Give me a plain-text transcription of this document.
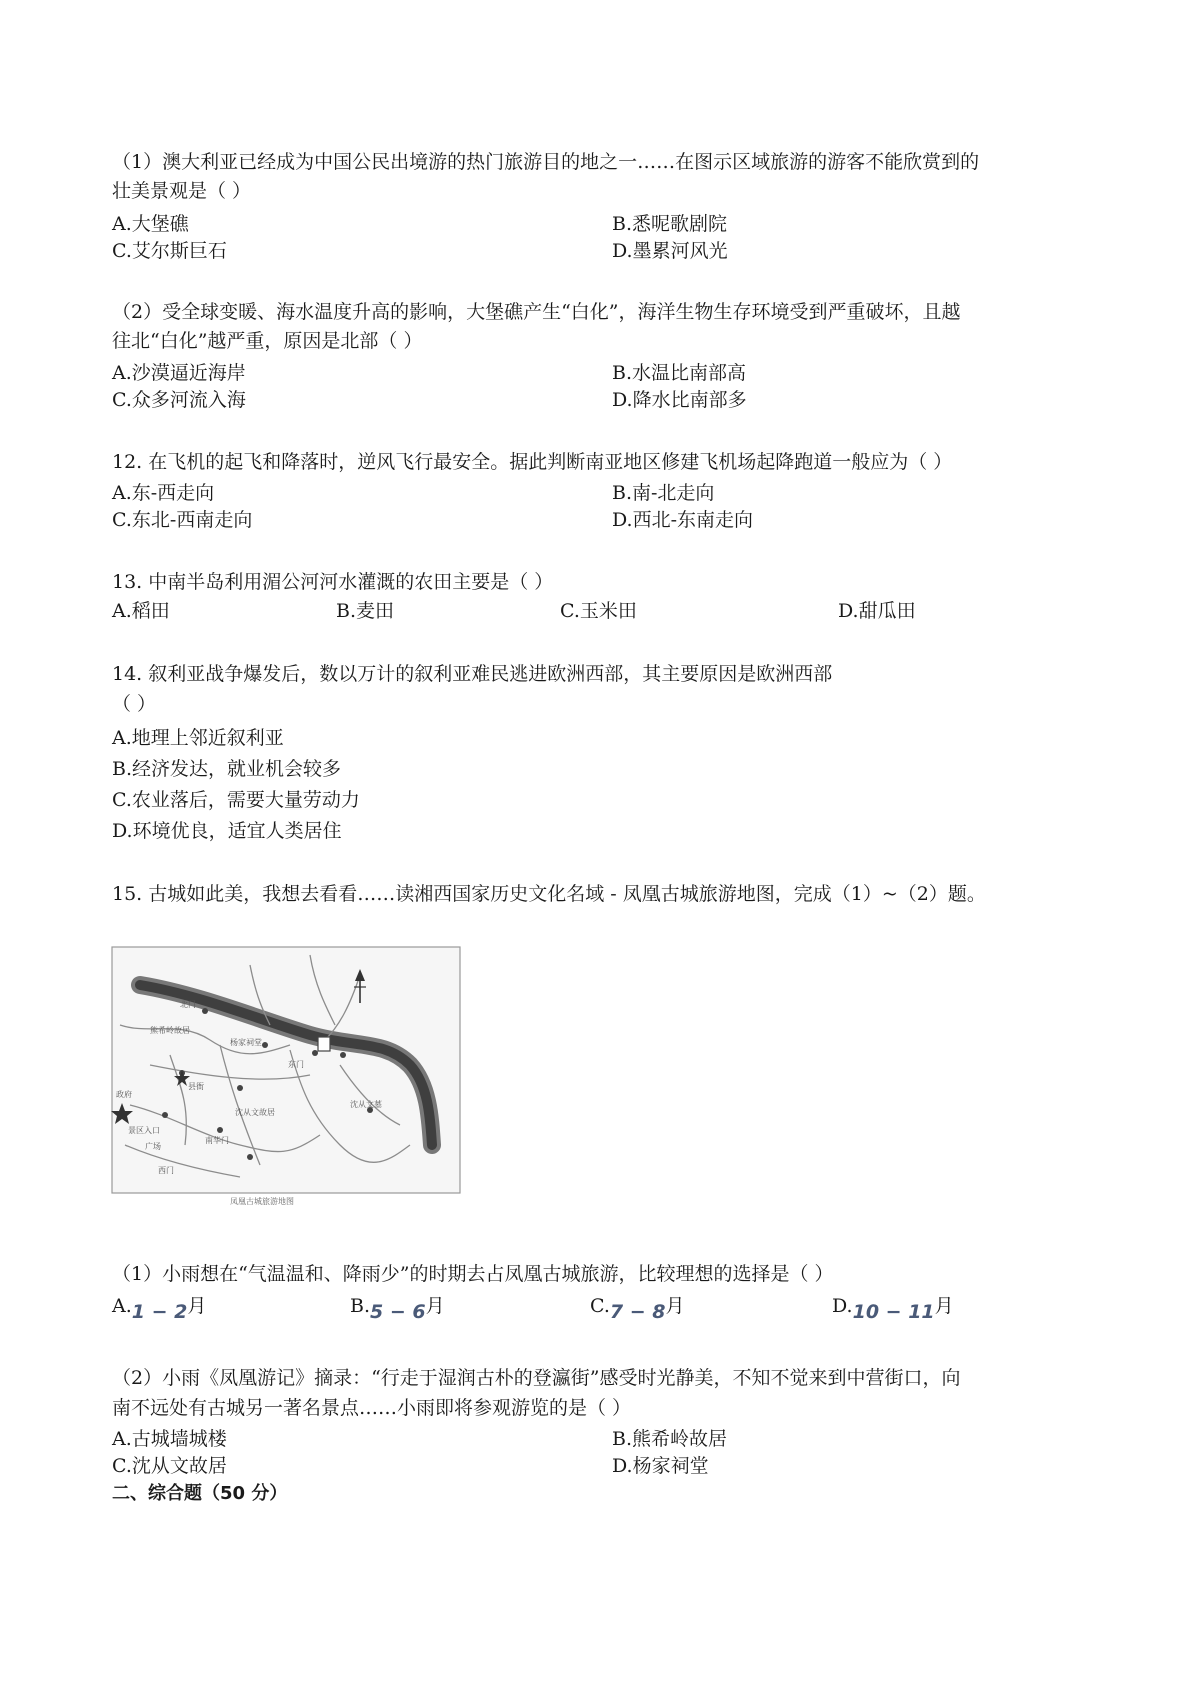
（1）澳大利亚已经成为中国公民出境游的热门旅游目的地之一……在图示区域旅游的游客不能欣赏到的
壮美景观是（ ）
A.大堡礁	B.悉呢歌剧院
C.艾尔斯巨石	D.墨累河风光
（2）受全球变暖、海水温度升高的影响，大堡礁产生“白化”，海洋生物生存环境受到严重破坏，且越
往北“白化”越严重，原因是北部（ ）
A.沙漠逼近海岸	B.水温比南部高
C.众多河流入海	D.降水比南部多
12. 在飞机的起飞和降落时，逆风飞行最安全。据此判断南亚地区修建飞机场起降跑道一般应为（ ）
A.东-西走向	B.南-北走向
C.东北-西南走向	D.西北-东南走向
13. 中南半岛利用湄公河河水灌溉的农田主要是（ ）
A.稻田	B.麦田	C.玉米田	D.甜瓜田
14. 叙利亚战争爆发后，数以万计的叙利亚难民逃进欧洲西部，其主要原因是欧洲西部
（ ）
A.地理上邻近叙利亚
B.经济发达，就业机会较多
C.农业落后，需要大量劳动力
D.环境优良，适宜人类居住
15. 古城如此美，我想去看看……读湘西国家历史文化名域 - 凤凰古城旅游地图，完成（1）~（2）题。
杨家祠堂
东门
北门
沈从文故居
县衙
沈从文墓
景区入口
南华门
政府
广场
西门
熊希岭故居
凤凰古城旅游地图
（1）小雨想在“气温温和、降雨少”的时期去占凤凰古城旅游，比较理想的选择是（ ）
A.1 − 2月	B.5 − 6月	C.7 − 8月	D.10 − 11月
（2）小雨《凤凰游记》摘录：“行走于湿润古朴的登瀛街”感受时光静美，不知不觉来到中营街口，向
南不远处有古城另一著名景点……小雨即将参观游览的是（ ）
A.古城墙城楼	B.熊希岭故居
C.沈从文故居	D.杨家祠堂
二、综合题（50 分）
